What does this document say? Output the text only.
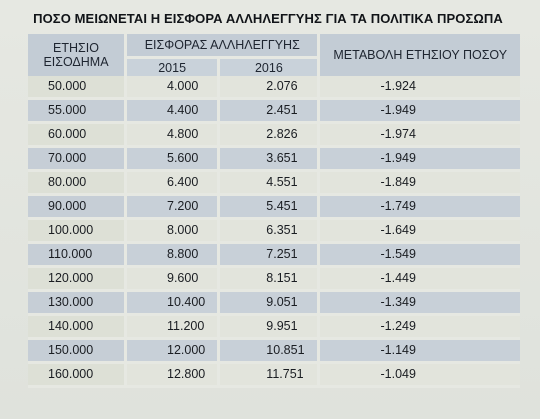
ΠΟΣΟ ΜΕΙΩΝΕΤΑΙ Η ΕΙΣΦΟΡΑ ΑΛΛΗΛΕΓΓΥΗΣ ΓΙΑ ΤΑ ΠΟΛΙΤΙΚΑ ΠΡΟΣΩΠΑ
ΕΤΗΣΙΟ ΕΙΣΟΔΗΜΑ	ΕΙΣΦΟΡΑΣ ΑΛΛΗΛΕΓΓΥΗΣ		ΜΕΤΑΒΟΛΗ ΕΤΗΣΙΟΥ ΠΟΣΟΥ
	2015	2016	
50.000	4.000	2.076	-1.924
55.000	4.400	2.451	-1.949
60.000	4.800	2.826	-1.974
70.000	5.600	3.651	-1.949
80.000	6.400	4.551	-1.849
90.000	7.200	5.451	-1.749
100.000	8.000	6.351	-1.649
110.000	8.800	7.251	-1.549
120.000	9.600	8.151	-1.449
130.000	10.400	9.051	-1.349
140.000	11.200	9.951	-1.249
150.000	12.000	10.851	-1.149
160.000	12.800	11.751	-1.049
